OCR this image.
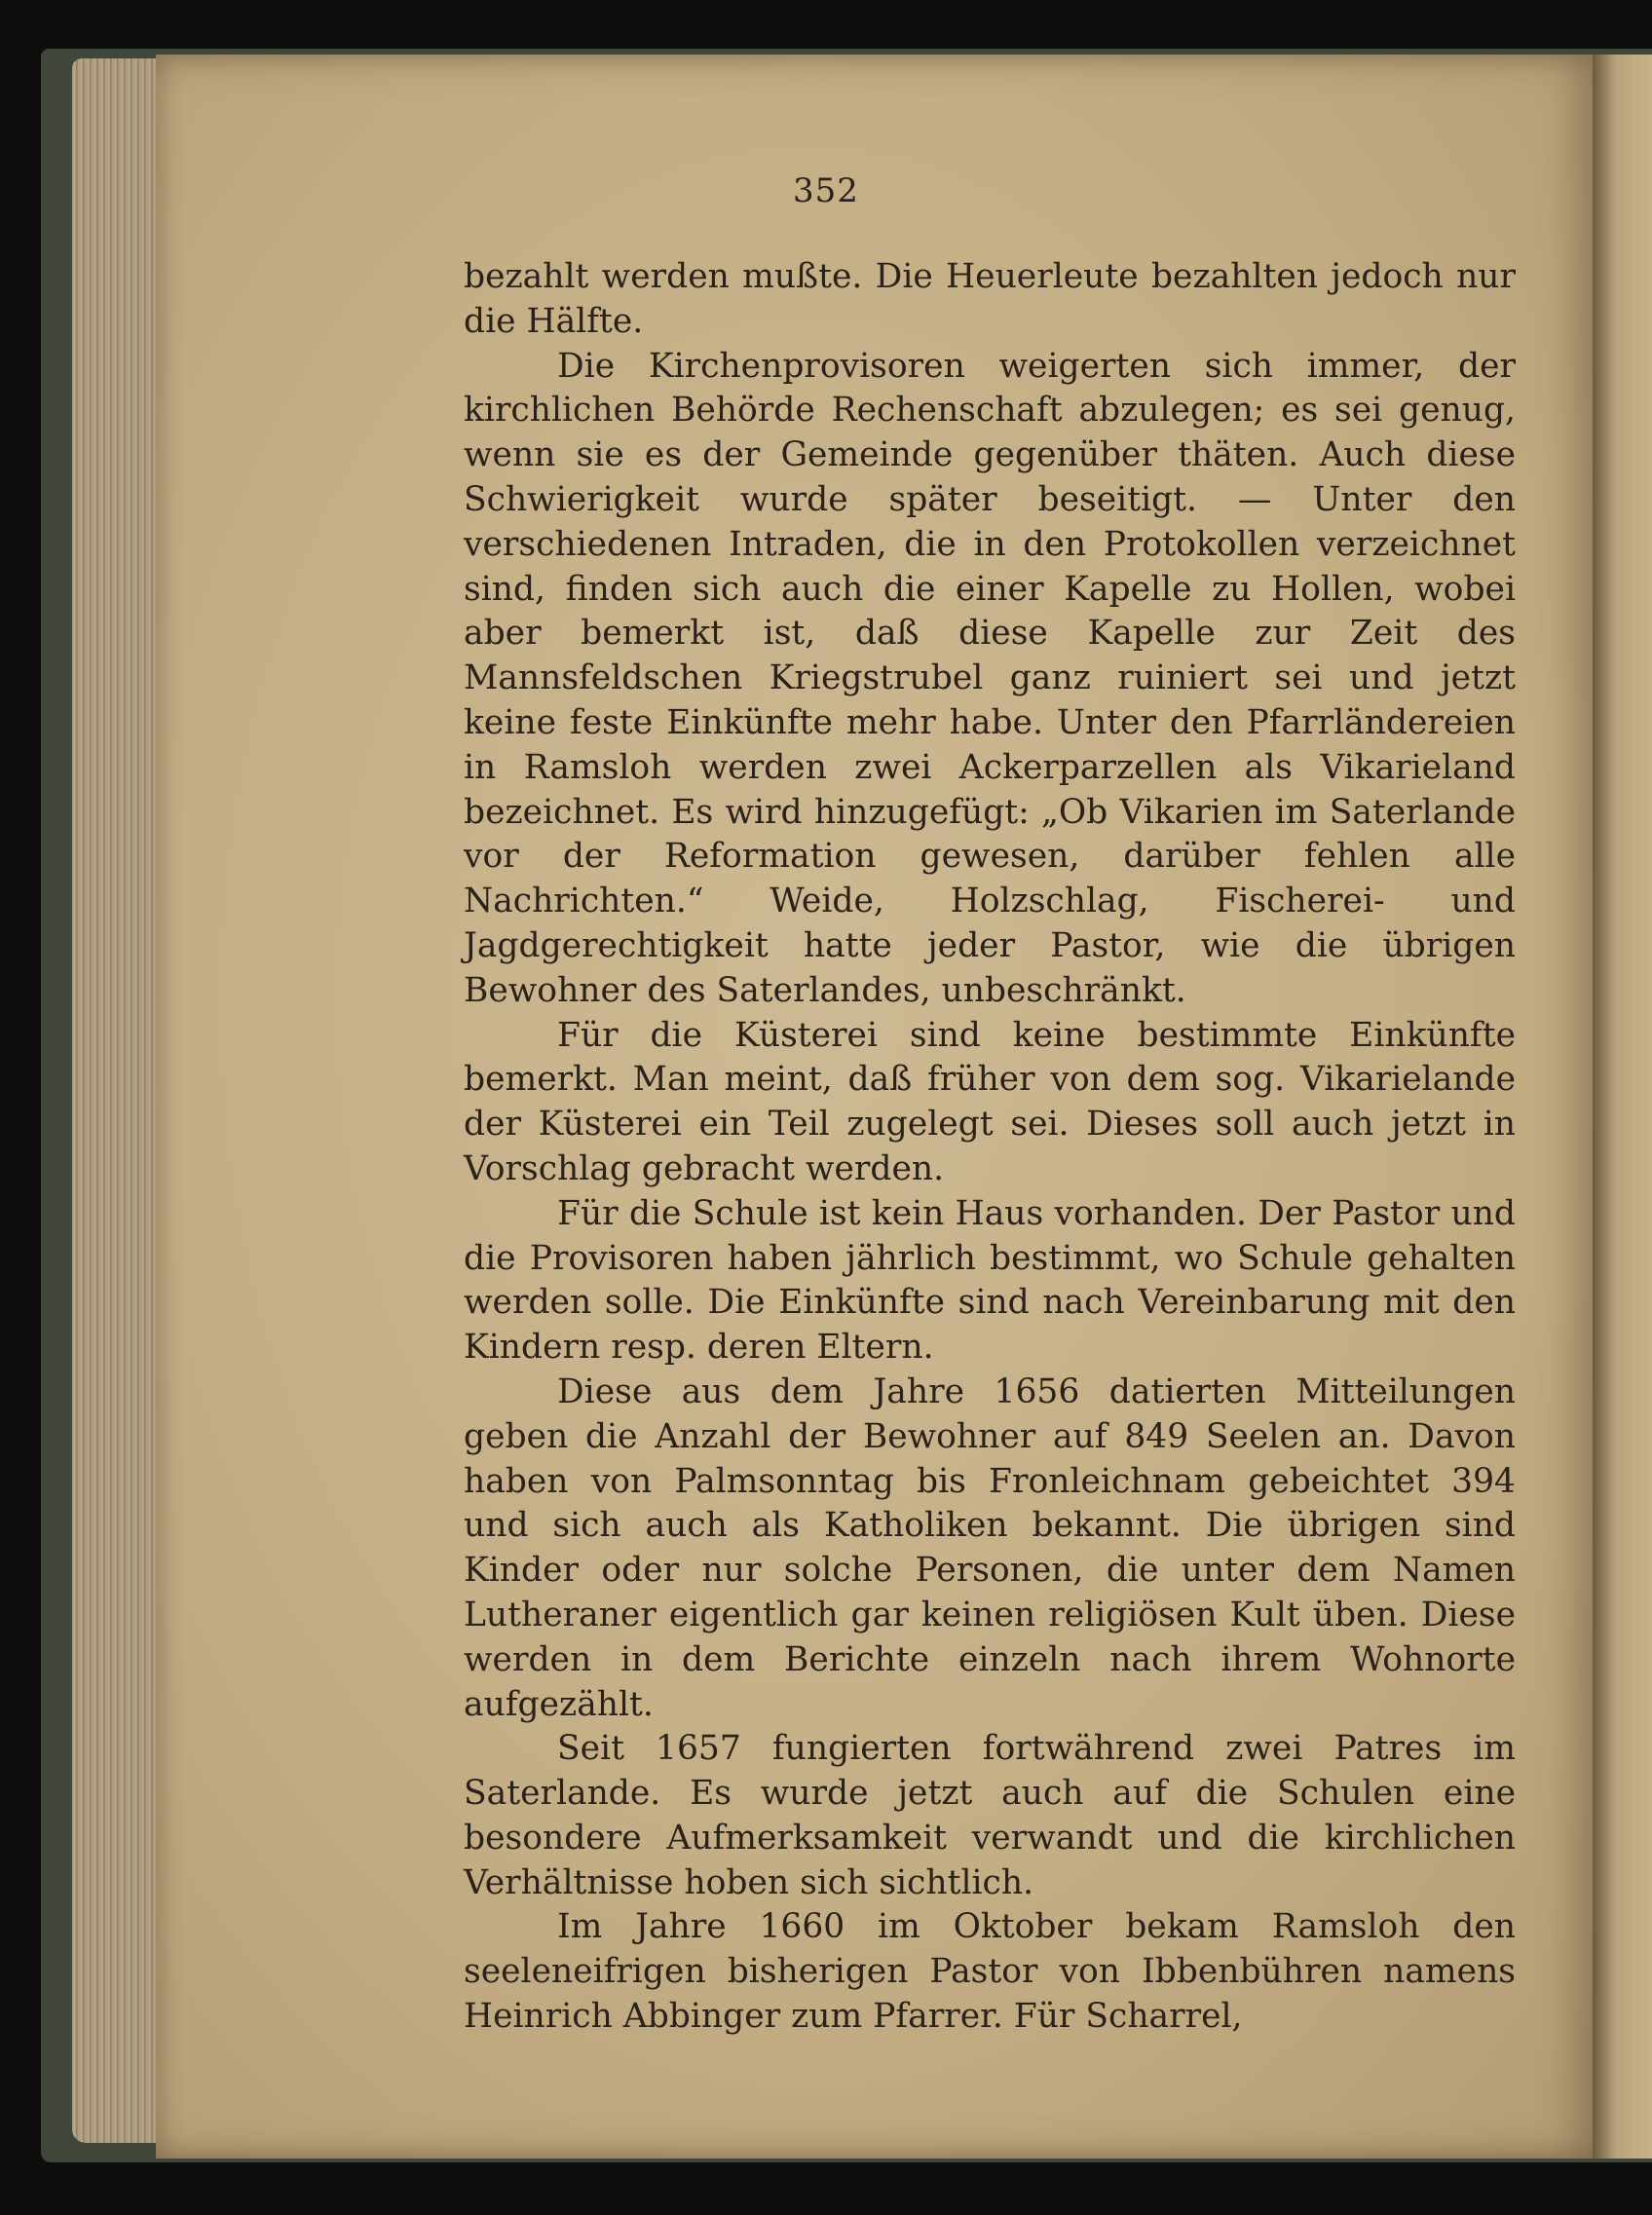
352

bezahlt werden mußte. Die Heuerleute bezahlten jedoch nur die Hälfte.

Die Kirchenprovisoren weigerten sich immer, der kirchlichen Behörde Rechenschaft abzulegen; es sei genug, wenn sie es der Gemeinde gegenüber thäten. Auch diese Schwierigkeit wurde später beseitigt. — Unter den verschiedenen Intraden, die in den Protokollen verzeichnet sind, finden sich auch die einer Kapelle zu Hollen, wobei aber bemerkt ist, daß diese Kapelle zur Zeit des Mannsfeldschen Kriegstrubel ganz ruiniert sei und jetzt keine feste Einkünfte mehr habe. Unter den Pfarrländereien in Ramsloh werden zwei Ackerparzellen als Vikarieland bezeichnet. Es wird hinzugefügt: „Ob Vikarien im Saterlande vor der Reformation gewesen, darüber fehlen alle Nachrichten.“ Weide, Holzschlag, Fischerei- und Jagdgerechtigkeit hatte jeder Pastor, wie die übrigen Bewohner des Saterlandes, unbeschränkt.

Für die Küsterei sind keine bestimmte Einkünfte bemerkt. Man meint, daß früher von dem sog. Vikarielande der Küsterei ein Teil zugelegt sei. Dieses soll auch jetzt in Vorschlag gebracht werden.

Für die Schule ist kein Haus vorhanden. Der Pastor und die Provisoren haben jährlich bestimmt, wo Schule gehalten werden solle. Die Einkünfte sind nach Vereinbarung mit den Kindern resp. deren Eltern.

Diese aus dem Jahre 1656 datierten Mitteilungen geben die Anzahl der Bewohner auf 849 Seelen an. Davon haben von Palmsonntag bis Fronleichnam gebeichtet 394 und sich auch als Katholiken bekannt. Die übrigen sind Kinder oder nur solche Personen, die unter dem Namen Lutheraner eigentlich gar keinen religiösen Kult üben. Diese werden in dem Berichte einzeln nach ihrem Wohnorte aufgezählt.

Seit 1657 fungierten fortwährend zwei Patres im Saterlande. Es wurde jetzt auch auf die Schulen eine besondere Aufmerksamkeit verwandt und die kirchlichen Verhältnisse hoben sich sichtlich.

Im Jahre 1660 im Oktober bekam Ramsloh den seeleneifrigen bisherigen Pastor von Ibbenbühren namens Heinrich Abbinger zum Pfarrer. Für Scharrel,
